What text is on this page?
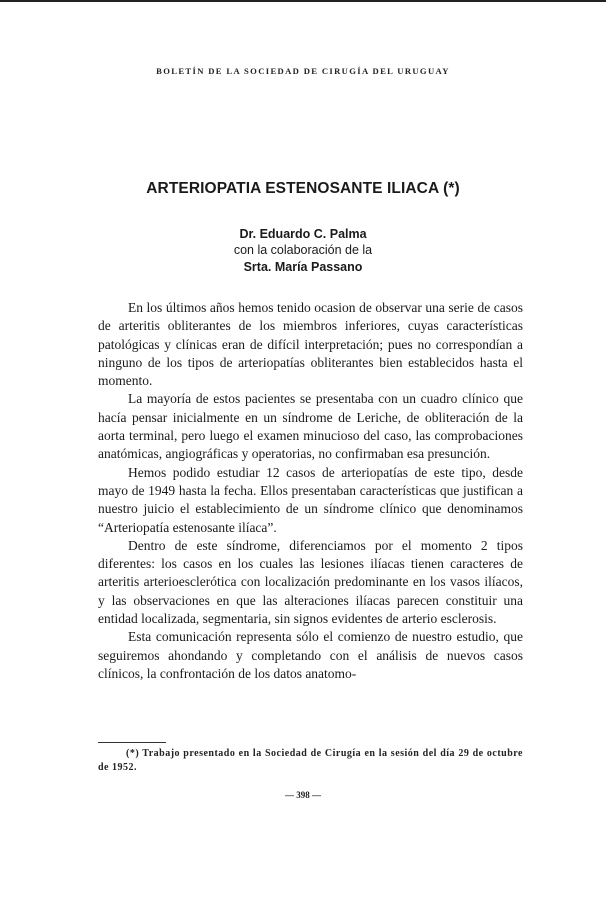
BOLETÍN DE LA SOCIEDAD DE CIRUGÍA DEL URUGUAY
ARTERIOPATIA ESTENOSANTE ILIACA (*)
Dr. Eduardo C. Palma
con la colaboración de la
Srta. María Passano

En los últimos años hemos tenido ocasion de observar una serie de casos de arteritis obliterantes de los miembros inferiores, cuyas características patológicas y clínicas eran de difícil interpretación; pues no correspondían a ninguno de los tipos de arteriopatías obliterantes bien establecidos hasta el momento.

La mayoría de estos pacientes se presentaba con un cuadro clínico que hacía pensar inicialmente en un síndrome de Leriche, de obliteración de la aorta terminal, pero luego el examen minucioso del caso, las comprobaciones anatómicas, angiográficas y operatorias, no confirmaban esa presunción.

Hemos podido estudiar 12 casos de arteriopatías de este tipo, desde mayo de 1949 hasta la fecha. Ellos presentaban características que justifican a nuestro juicio el establecimiento de un síndrome clínico que denominamos “Arteriopatía estenosante ilíaca”.

Dentro de este síndrome, diferenciamos por el momento 2 tipos diferentes: los casos en los cuales las lesiones ilíacas tienen caracteres de arteritis arterioesclerótica con localización predominante en los vasos ilíacos, y las observaciones en que las alteraciones ilíacas parecen constituir una entidad localizada, segmentaria, sin signos evidentes de arterio esclerosis.

Esta comunicación representa sólo el comienzo de nuestro estudio, que seguiremos ahondando y completando con el análisis de nuevos casos clínicos, la confrontación de los datos anatomo-

(*) Trabajo presentado en la Sociedad de Cirugía en la sesión del día 29 de octubre de 1952.
— 398 —
